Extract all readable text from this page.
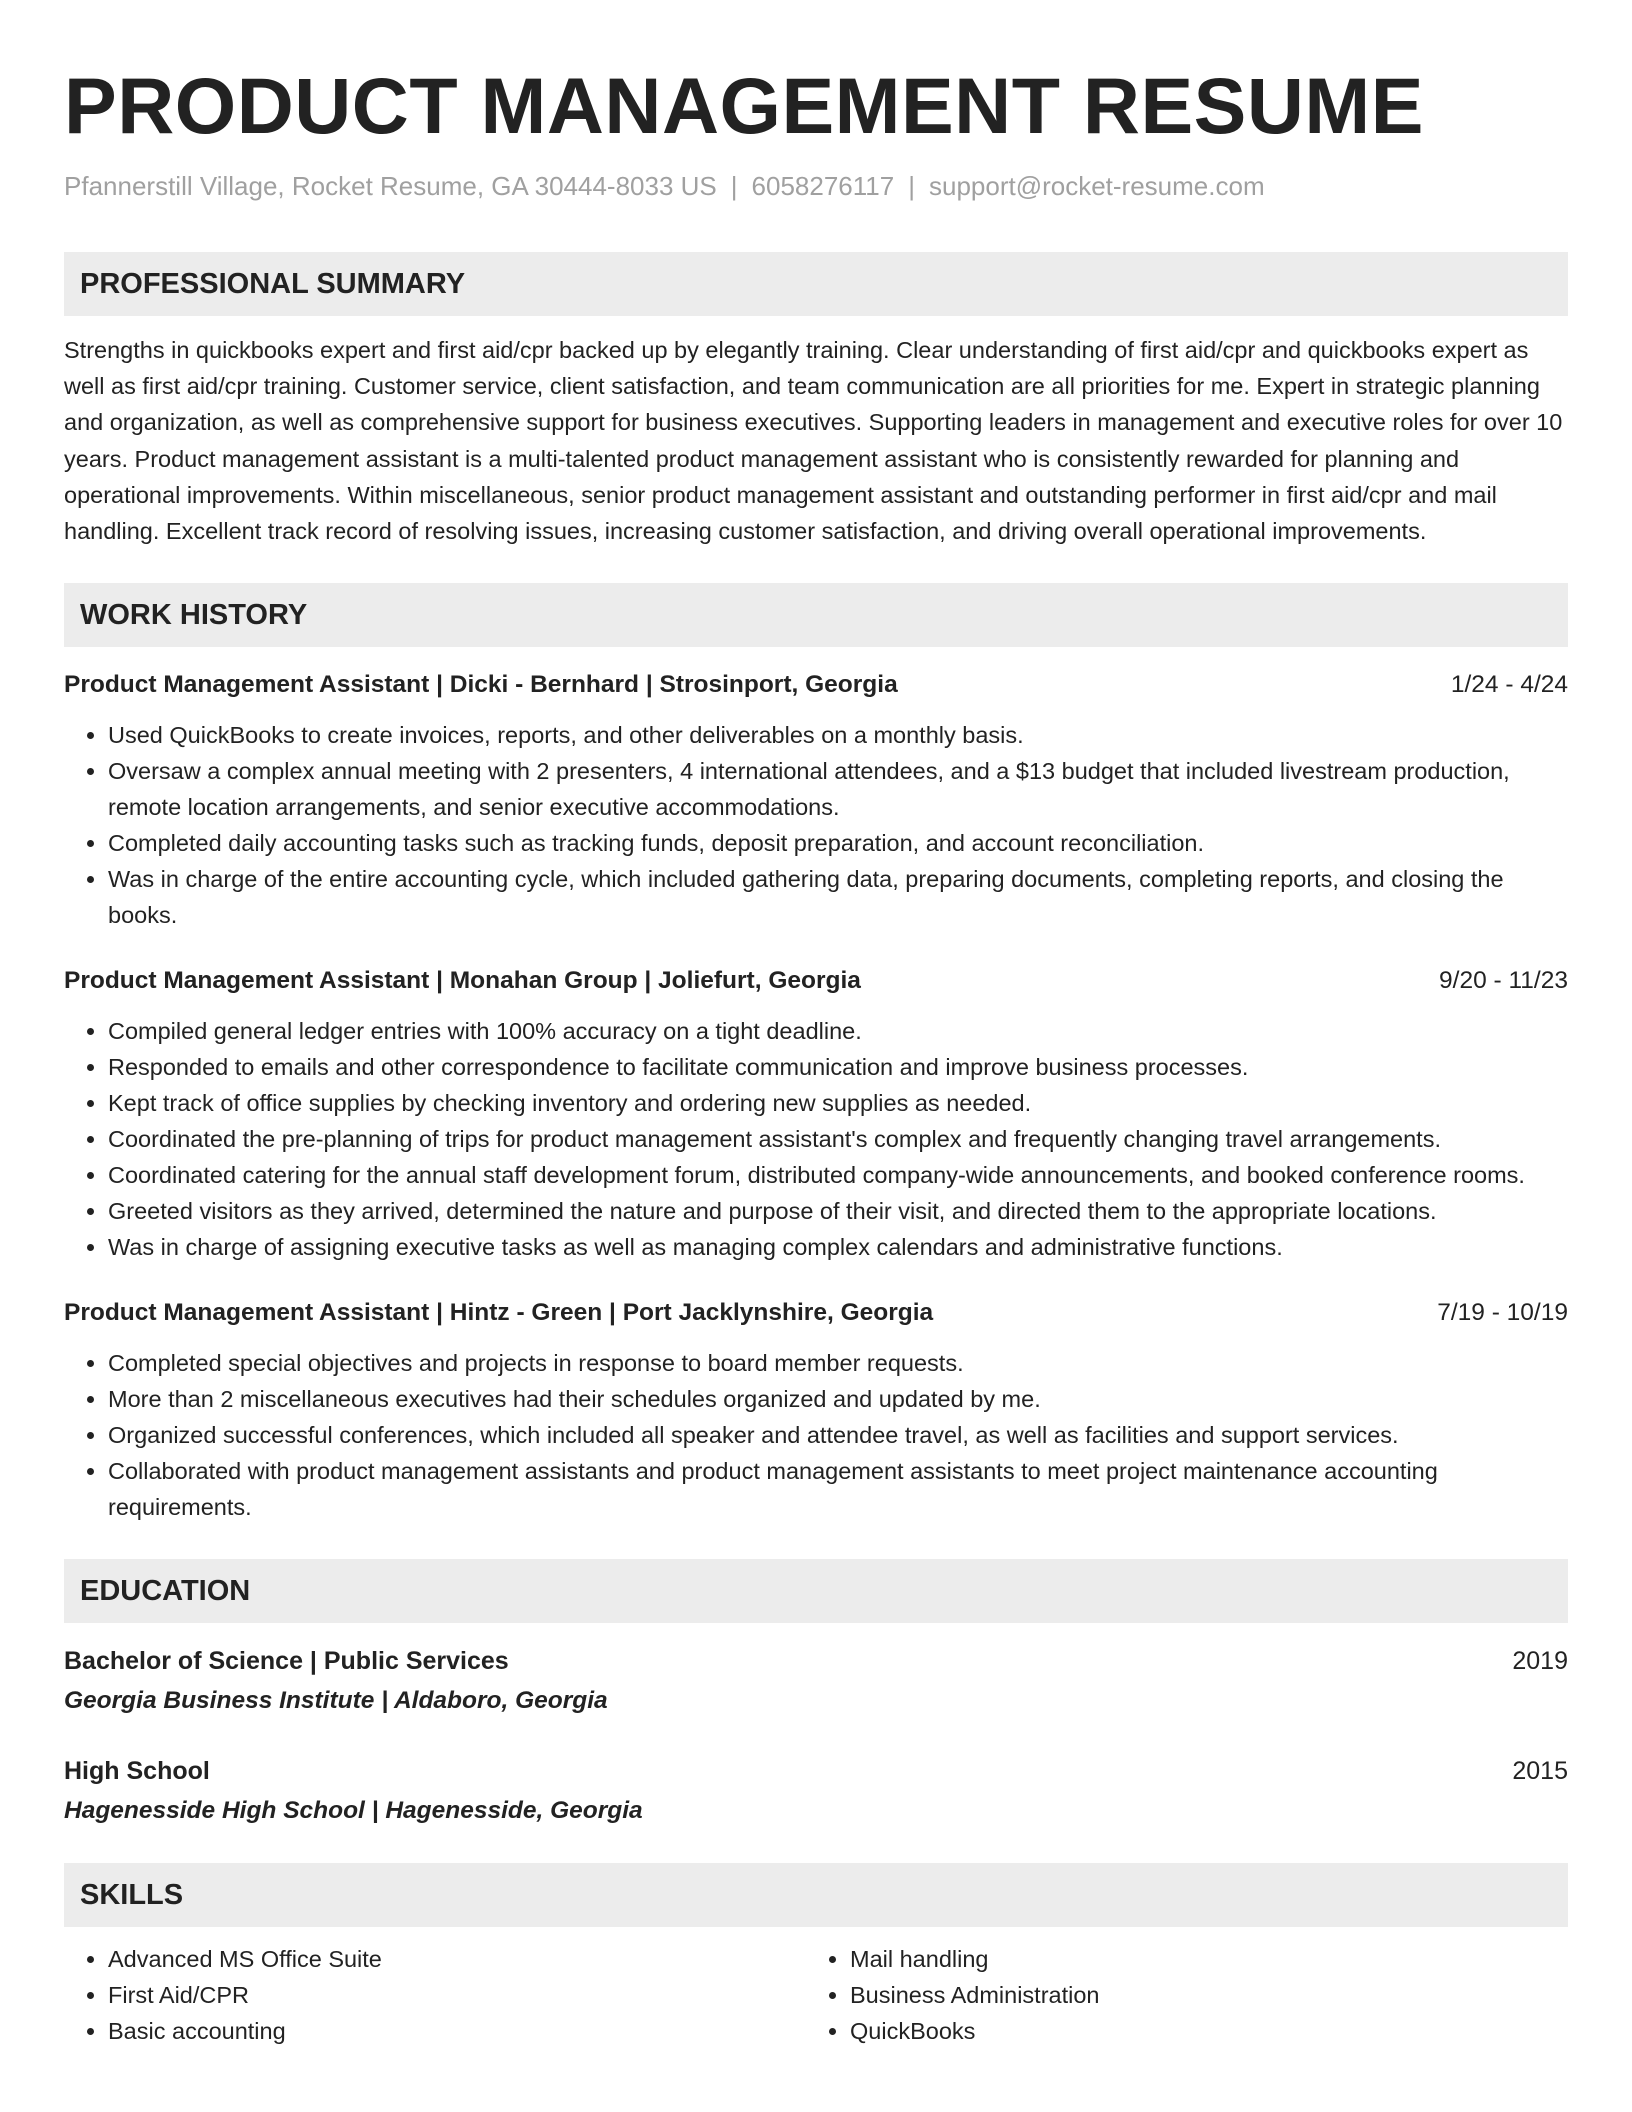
PRODUCT MANAGEMENT RESUME
Pfannerstill Village, Rocket Resume, GA 30444-8033 US | 6058276117 | support@rocket-resume.com
PROFESSIONAL SUMMARY
Strengths in quickbooks expert and first aid/cpr backed up by elegantly training. Clear understanding of first aid/cpr and quickbooks expert as well as first aid/cpr training. Customer service, client satisfaction, and team communication are all priorities for me. Expert in strategic planning and organization, as well as comprehensive support for business executives. Supporting leaders in management and executive roles for over 10 years. Product management assistant is a multi-talented product management assistant who is consistently rewarded for planning and operational improvements. Within miscellaneous, senior product management assistant and outstanding performer in first aid/cpr and mail handling. Excellent track record of resolving issues, increasing customer satisfaction, and driving overall operational improvements.
WORK HISTORY
Product Management Assistant | Dicki - Bernhard | Strosinport, Georgia	1/24 - 4/24
• Used QuickBooks to create invoices, reports, and other deliverables on a monthly basis.
• Oversaw a complex annual meeting with 2 presenters, 4 international attendees, and a $13 budget that included livestream production, remote location arrangements, and senior executive accommodations.
• Completed daily accounting tasks such as tracking funds, deposit preparation, and account reconciliation.
• Was in charge of the entire accounting cycle, which included gathering data, preparing documents, completing reports, and closing the books.
Product Management Assistant | Monahan Group | Joliefurt, Georgia	9/20 - 11/23
• Compiled general ledger entries with 100% accuracy on a tight deadline.
• Responded to emails and other correspondence to facilitate communication and improve business processes.
• Kept track of office supplies by checking inventory and ordering new supplies as needed.
• Coordinated the pre-planning of trips for product management assistant's complex and frequently changing travel arrangements.
• Coordinated catering for the annual staff development forum, distributed company-wide announcements, and booked conference rooms.
• Greeted visitors as they arrived, determined the nature and purpose of their visit, and directed them to the appropriate locations.
• Was in charge of assigning executive tasks as well as managing complex calendars and administrative functions.
Product Management Assistant | Hintz - Green | Port Jacklynshire, Georgia	7/19 - 10/19
• Completed special objectives and projects in response to board member requests.
• More than 2 miscellaneous executives had their schedules organized and updated by me.
• Organized successful conferences, which included all speaker and attendee travel, as well as facilities and support services.
• Collaborated with product management assistants and product management assistants to meet project maintenance accounting requirements.
EDUCATION
Bachelor of Science | Public Services	2019
Georgia Business Institute | Aldaboro, Georgia
High School	2015
Hagenesside High School | Hagenesside, Georgia
SKILLS
• Advanced MS Office Suite
• First Aid/CPR
• Basic accounting
• Mail handling
• Business Administration
• QuickBooks
